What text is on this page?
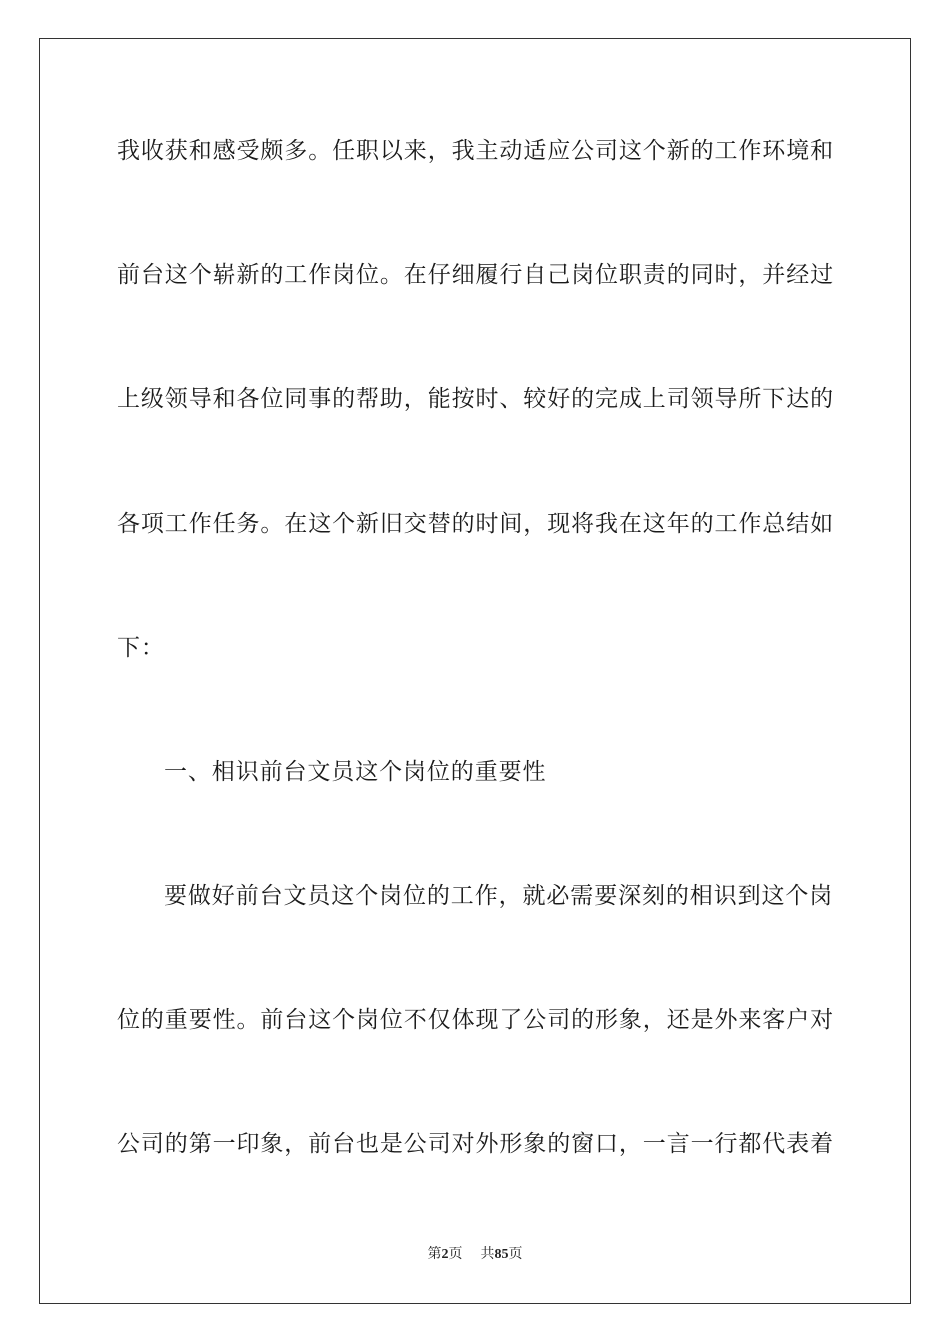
我收获和感受颇多。任职以来，我主动适应公司这个新的工作环境和
前台这个崭新的工作岗位。在仔细履行自己岗位职责的同时，并经过
上级领导和各位同事的帮助，能按时、较好的完成上司领导所下达的
各项工作任务。在这个新旧交替的时间，现将我在这年的工作总结如
下：
一、相识前台文员这个岗位的重要性
要做好前台文员这个岗位的工作，就必需要深刻的相识到这个岗
位的重要性。前台这个岗位不仅体现了公司的形象，还是外来客户对
公司的第一印象，前台也是公司对外形象的窗口，一言一行都代表着
第2页 共85页
